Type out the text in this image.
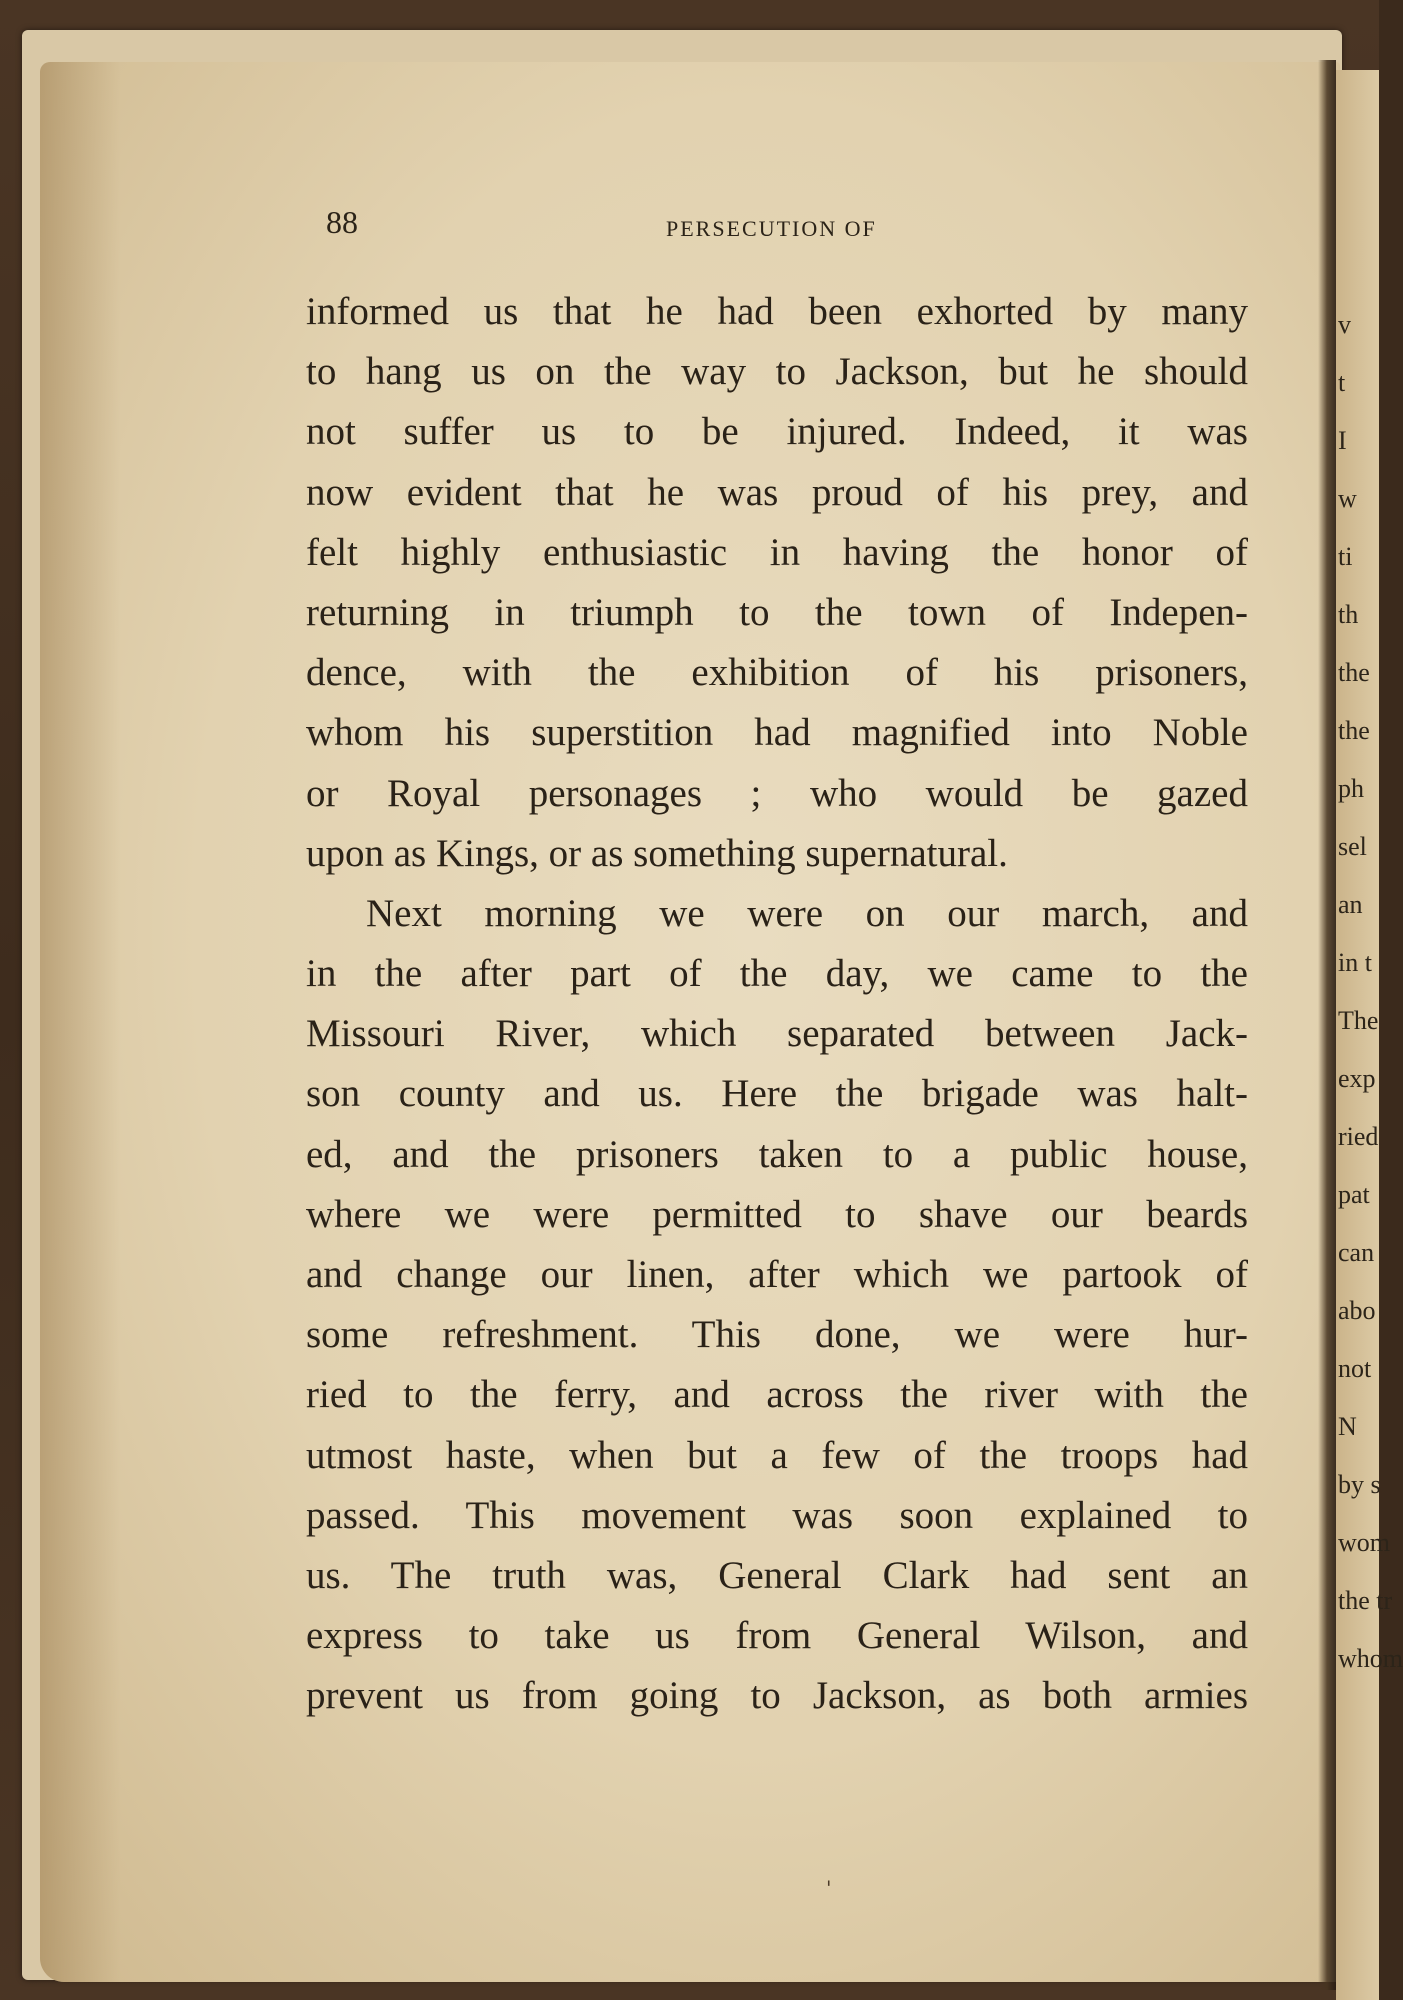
88	PERSECUTION OF
informed us that he had been exhorted by many
to hang us on the way to Jackson, but he should
not suffer us to be injured. Indeed, it was
now evident that he was proud of his prey, and
felt highly enthusiastic in having the honor of
returning in triumph to the town of Indepen-
dence, with the exhibition of his prisoners,
whom his superstition had magnified into Noble
or Royal personages ; who would be gazed
upon as Kings, or as something supernatural.
Next morning we were on our march, and
in the after part of the day, we came to the
Missouri River, which separated between Jack-
son county and us. Here the brigade was halt-
ed, and the prisoners taken to a public house,
where we were permitted to shave our beards
and change our linen, after which we partook of
some refreshment. This done, we were hur-
ried to the ferry, and across the river with the
utmost haste, when but a few of the troops had
passed. This movement was soon explained to
us. The truth was, General Clark had sent an
express to take us from General Wilson, and
prevent us from going to Jackson, as both armies
'
v
t
I
w
ti
th
the
the
ph
sel
an
in t
The
exp
ried
pat
can
abo
not
N
by s
wom
the tr
whom
